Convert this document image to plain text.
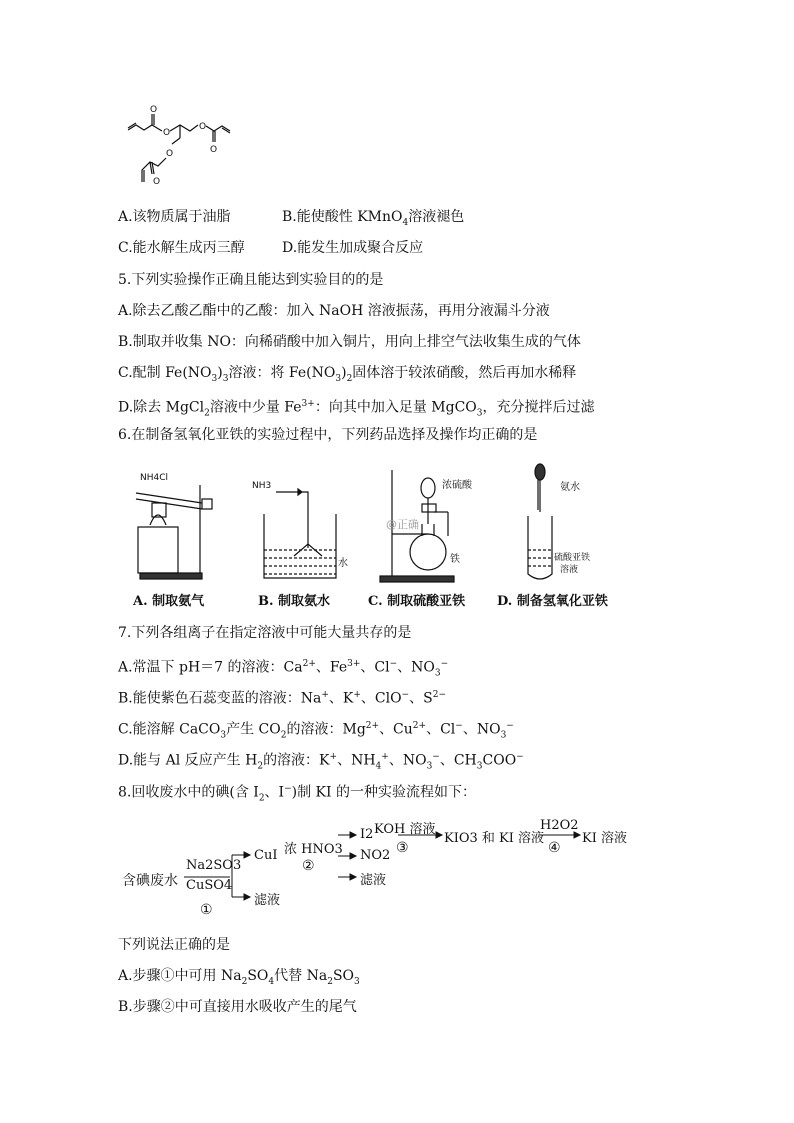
O
O
O
O
O
O
A.该物质属于油脂	B.能使酸性 KMnO$_4$溶液褪色
C.能水解生成丙三醇	D.能发生加成聚合反应
5.下列实验操作正确且能达到实验目的的是
A.除去乙酸乙酯中的乙酸：加入 NaOH 溶液振荡，再用分液漏斗分液
B.制取并收集 NO：向稀硝酸中加入铜片，用向上排空气法收集生成的气体
C.配制 $Fe(NO_3)_3$溶液：将 $Fe(NO_3)_2$固体溶于较浓硝酸，然后再加水稀释
D.除去 MgCl$_2$溶液中少量 $Fe^{3+}$：向其中加入足量 MgCO$_3$，充分搅拌后过滤
6.在制备氢氧化亚铁的实验过程中，下列药品选择及操作均正确的是
NH4Cl
NH3
水
浓硫酸
铁
@正确
氨水
硫酸亚铁
溶液
A. 制取氨气	B. 制取氨水	C. 制取硫酸亚铁 D. 制备氢氧化亚铁
7.下列各组离子在指定溶液中可能大量共存的是
A.常温下 pH＝7 的溶液：$Ca^{2+}$、$Fe^{3+}$、Cl−、$NO_3^-$
B.能使紫色石蕊变蓝的溶液：Na+、K+、ClO−、$S^{2-}$
C.能溶解 CaCO$_3$产生 $CO_2$的溶液：$Mg^{2+}$、$Cu^{2+}$、Cl−、$NO_3^-$
D.能与 Al 反应产生 $H_2$的溶液：K+、$NH_4^+$、$NO_3^-$、$CH_3COO^-$
8.回收废水中的碘(含 $I_2$、I−)制 KI 的一种实验流程如下：
含碘废水
Na2SO3
CuSO4
①
CuI
滤液
浓 HNO3
②
I2
NO2
滤液
KOH 溶液
③
KIO3 和 KI 溶液
H2O2
④
KI 溶液
下列说法正确的是
A.步骤①中可用 $Na_2SO_4$代替 $Na_2SO_3$
B.步骤②中可直接用水吸收产生的尾气
